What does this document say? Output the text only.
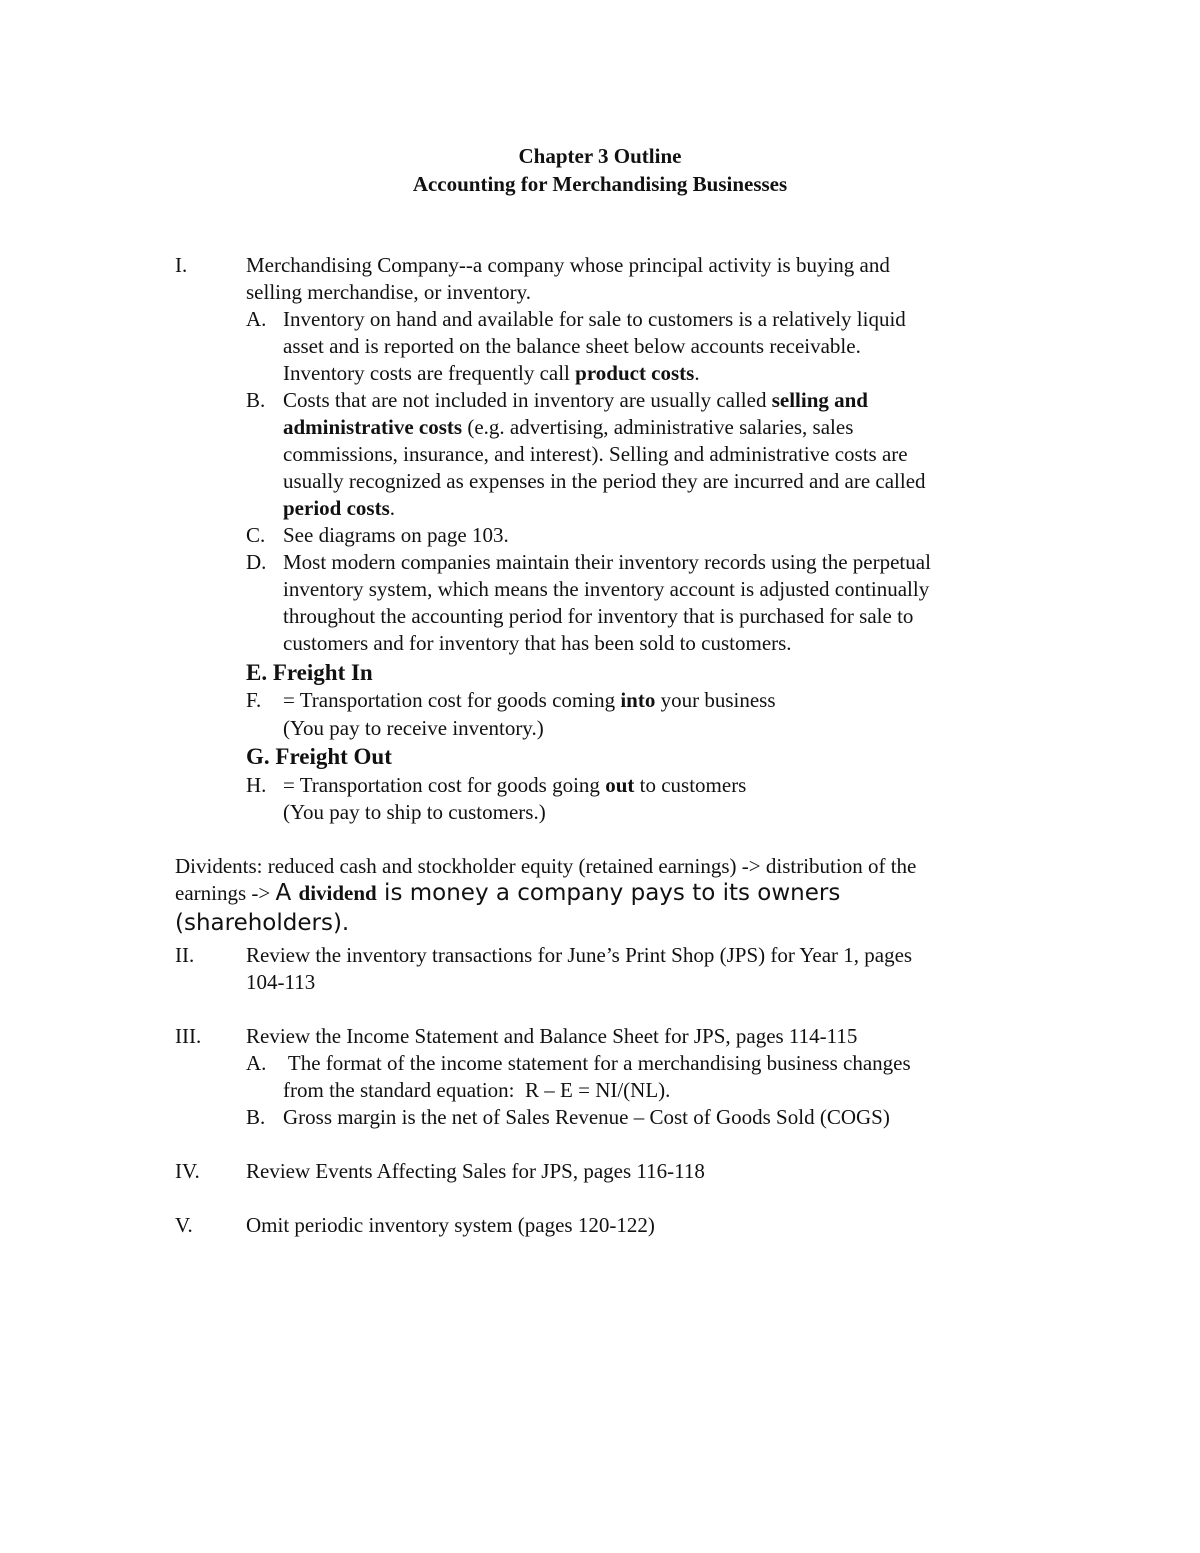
Chapter 3 Outline
Accounting for Merchandising Businesses
I.	Merchandising Company--a company whose principal activity is buying and
selling merchandise, or inventory.
A. Inventory on hand and available for sale to customers is a relatively liquid
asset and is reported on the balance sheet below accounts receivable.
Inventory costs are frequently call product costs.
B. Costs that are not included in inventory are usually called selling and
administrative costs (e.g. advertising, administrative salaries, sales
commissions, insurance, and interest). Selling and administrative costs are
usually recognized as expenses in the period they are incurred and are called
period costs.
C. See diagrams on page 103.
D. Most modern companies maintain their inventory records using the perpetual
inventory system, which means the inventory account is adjusted continually
throughout the accounting period for inventory that is purchased for sale to
customers and for inventory that has been sold to customers.
E. Freight In
F. = Transportation cost for goods coming into your business
(You pay to receive inventory.)
G. Freight Out
H. = Transportation cost for goods going out to customers
(You pay to ship to customers.)
Dividents: reduced cash and stockholder equity (retained earnings) -> distribution of the
earnings -> A dividend is money a company pays to its owners
(shareholders).
II. Review the inventory transactions for June’s Print Shop (JPS) for Year 1, pages
104-113
III. Review the Income Statement and Balance Sheet for JPS, pages 114-115
A. The format of the income statement for a merchandising business changes
from the standard equation:  R – E = NI/(NL).
B. Gross margin is the net of Sales Revenue – Cost of Goods Sold (COGS)
IV. Review Events Affecting Sales for JPS, pages 116-118
V.	Omit periodic inventory system (pages 120-122)
